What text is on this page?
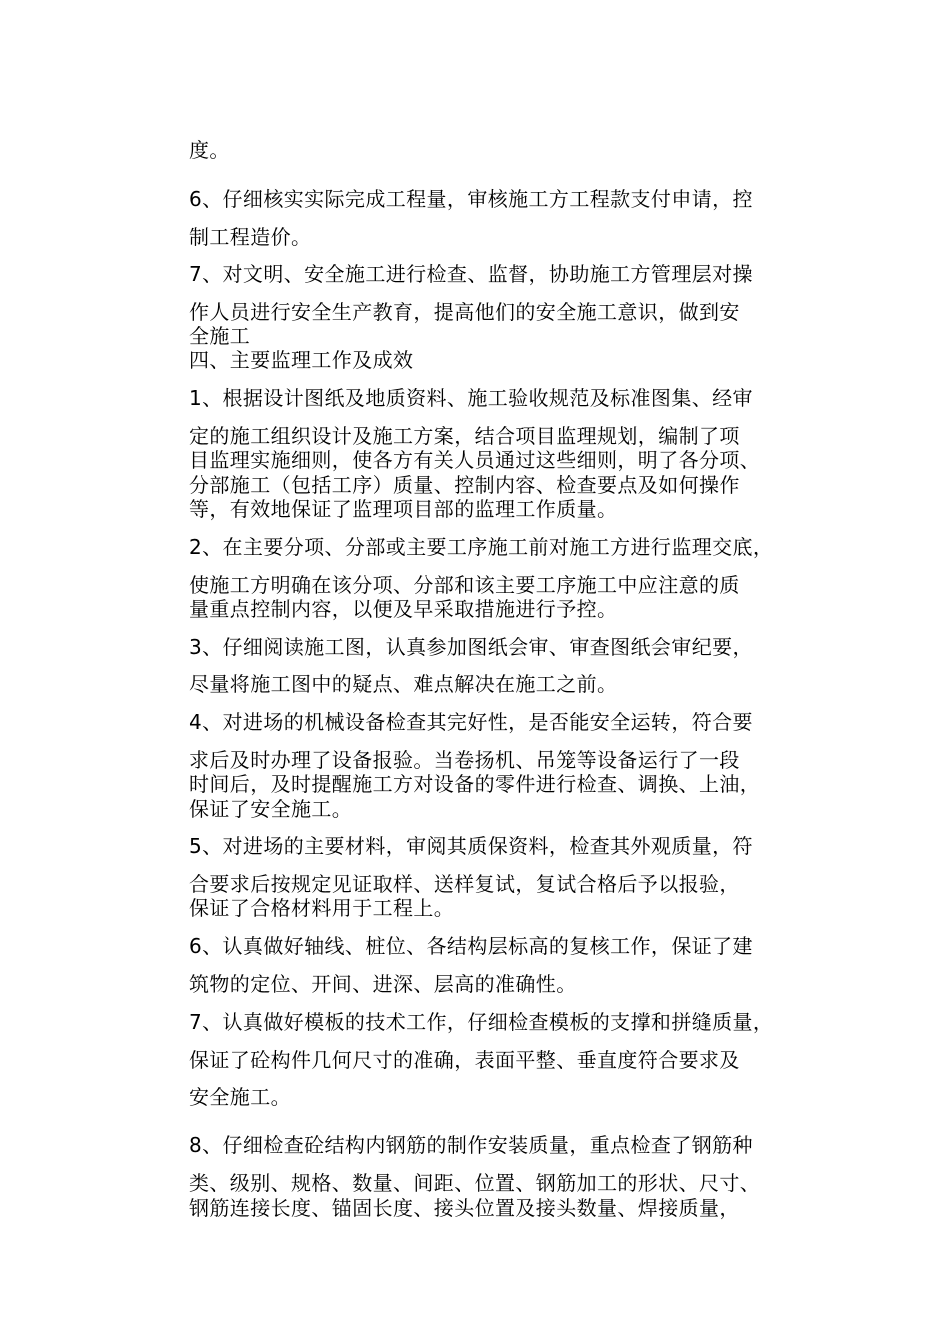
度。
6、仔细核实实际完成工程量，审核施工方工程款支付申请，控
制工程造价。
7、对文明、安全施工进行检查、监督，协助施工方管理层对操
作人员进行安全生产教育，提高他们的安全施工意识，做到安
全施工
四、主要监理工作及成效
1、根据设计图纸及地质资料、施工验收规范及标准图集、经审
定的施工组织设计及施工方案，结合项目监理规划，编制了项
目监理实施细则，使各方有关人员通过这些细则，明了各分项、
分部施工（包括工序）质量、控制内容、检查要点及如何操作
等，有效地保证了监理项目部的监理工作质量。
2、在主要分项、分部或主要工序施工前对施工方进行监理交底，
使施工方明确在该分项、分部和该主要工序施工中应注意的质
量重点控制内容，以便及早采取措施进行予控。
3、仔细阅读施工图，认真参加图纸会审、审查图纸会审纪要，
尽量将施工图中的疑点、难点解决在施工之前。
4、对进场的机械设备检查其完好性，是否能安全运转，符合要
求后及时办理了设备报验。当卷扬机、吊笼等设备运行了一段
时间后，及时提醒施工方对设备的零件进行检查、调换、上油，
保证了安全施工。
5、对进场的主要材料，审阅其质保资料，检查其外观质量，符
合要求后按规定见证取样、送样复试，复试合格后予以报验，
保证了合格材料用于工程上。
6、认真做好轴线、桩位、各结构层标高的复核工作，保证了建
筑物的定位、开间、进深、层高的准确性。
7、认真做好模板的技术工作，仔细检查模板的支撑和拼缝质量，
保证了砼构件几何尺寸的准确，表面平整、垂直度符合要求及
安全施工。
8、仔细检查砼结构内钢筋的制作安装质量，重点检查了钢筋种
类、级别、规格、数量、间距、位置、钢筋加工的形状、尺寸、
钢筋连接长度、锚固长度、接头位置及接头数量、焊接质量，
